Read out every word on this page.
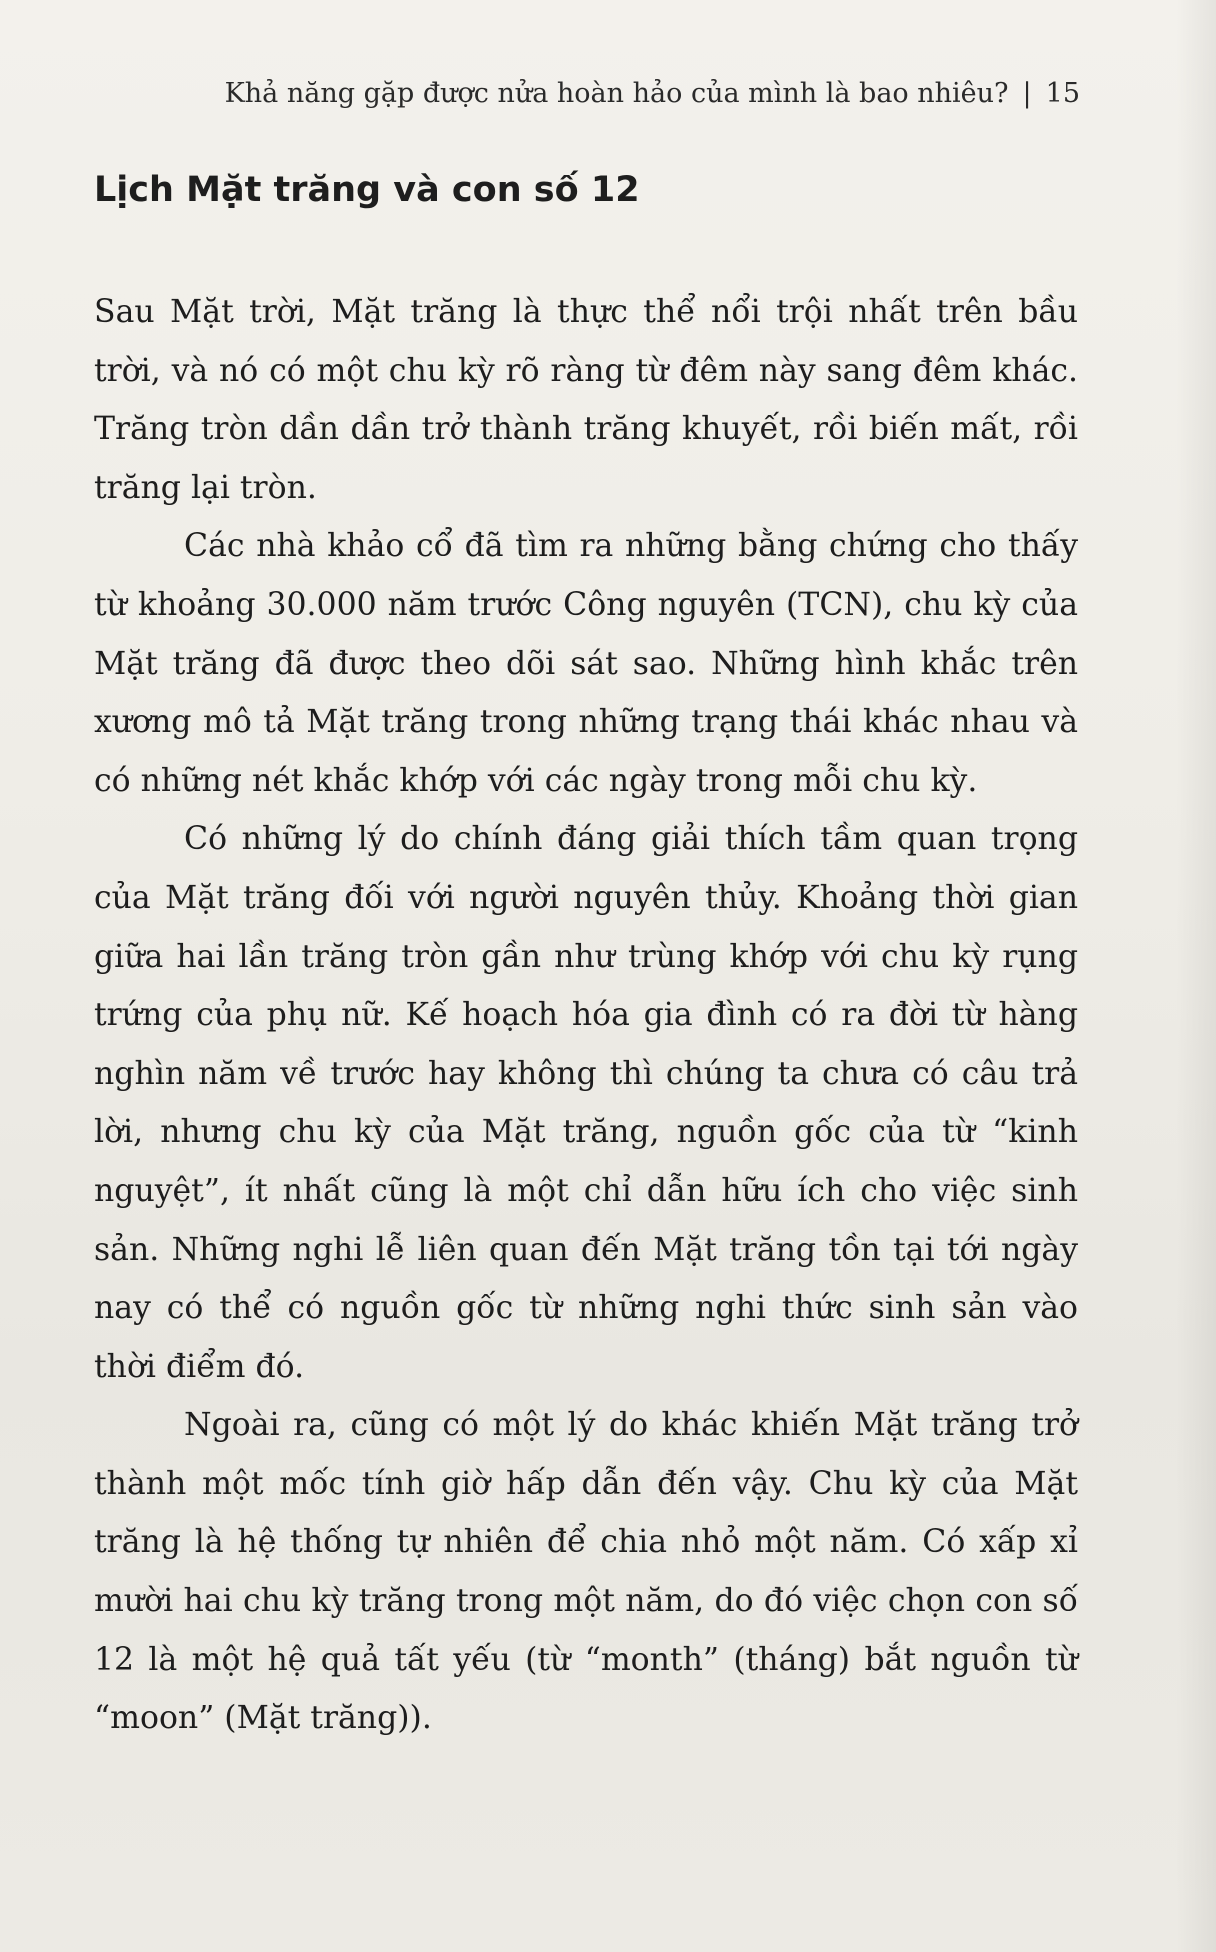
Khả năng gặp được nửa hoàn hảo của mình là bao nhiêu? | 15
Lịch Mặt trăng và con số 12

Sau Mặt trời, Mặt trăng là thực thể nổi trội nhất trên bầu trời, và nó có một chu kỳ rõ ràng từ đêm này sang đêm khác. Trăng tròn dần dần trở thành trăng khuyết, rồi biến mất, rồi trăng lại tròn.

Các nhà khảo cổ đã tìm ra những bằng chứng cho thấy từ khoảng 30.000 năm trước Công nguyên (TCN), chu kỳ của Mặt trăng đã được theo dõi sát sao. Những hình khắc trên xương mô tả Mặt trăng trong những trạng thái khác nhau và có những nét khắc khớp với các ngày trong mỗi chu kỳ.

Có những lý do chính đáng giải thích tầm quan trọng của Mặt trăng đối với người nguyên thủy. Khoảng thời gian giữa hai lần trăng tròn gần như trùng khớp với chu kỳ rụng trứng của phụ nữ. Kế hoạch hóa gia đình có ra đời từ hàng nghìn năm về trước hay không thì chúng ta chưa có câu trả lời, nhưng chu kỳ của Mặt trăng, nguồn gốc của từ “kinh nguyệt”, ít nhất cũng là một chỉ dẫn hữu ích cho việc sinh sản. Những nghi lễ liên quan đến Mặt trăng tồn tại tới ngày nay có thể có nguồn gốc từ những nghi thức sinh sản vào thời điểm đó.

Ngoài ra, cũng có một lý do khác khiến Mặt trăng trở thành một mốc tính giờ hấp dẫn đến vậy. Chu kỳ của Mặt trăng là hệ thống tự nhiên để chia nhỏ một năm. Có xấp xỉ mười hai chu kỳ trăng trong một năm, do đó việc chọn con số 12 là một hệ quả tất yếu (từ “month” (tháng) bắt nguồn từ “moon” (Mặt trăng)).
